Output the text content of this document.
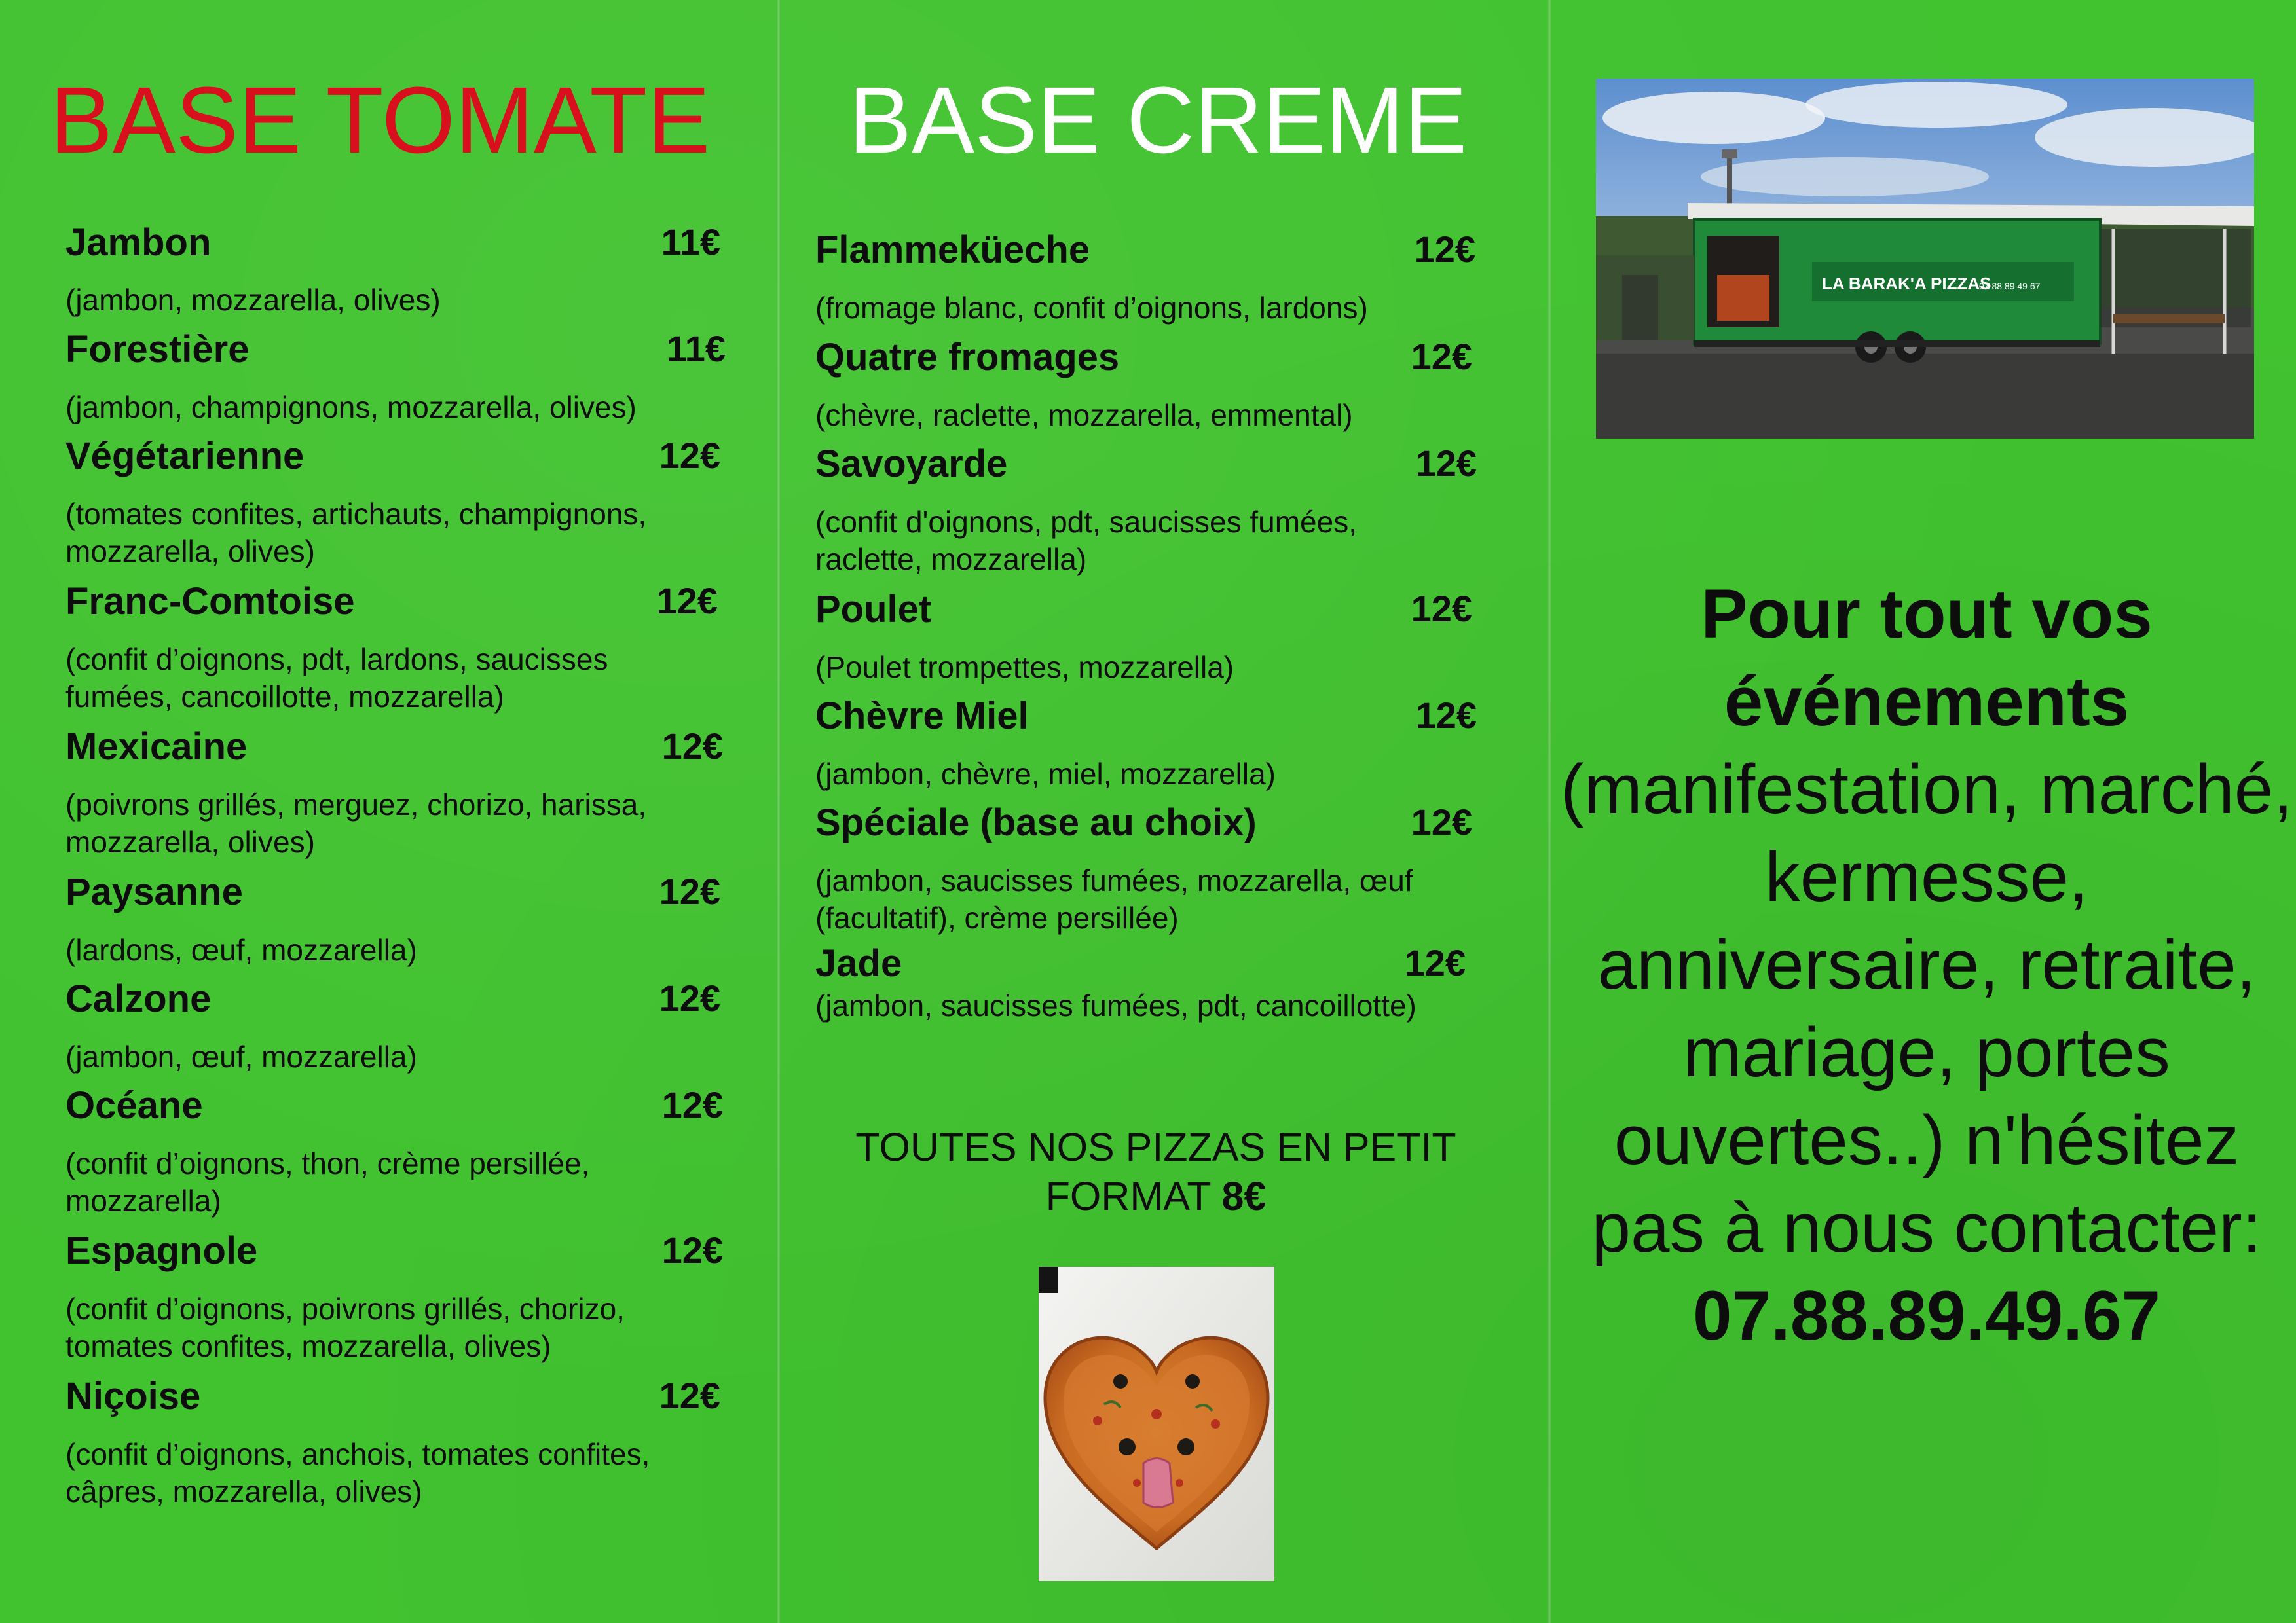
BASE TOMATE
Jambon	11€
(jambon, mozzarella, olives)
Forestière	11€
(jambon, champignons, mozzarella, olives)
Végétarienne	12€
(tomates confites, artichauts, champignons, mozzarella, olives)
Franc-Comtoise	12€
(confit d’oignons, pdt, lardons, saucisses fumées, cancoillotte, mozzarella)
Mexicaine	12€
(poivrons grillés, merguez, chorizo, harissa, mozzarella, olives)
Paysanne	12€
(lardons, œuf, mozzarella)
Calzone	12€
(jambon, œuf, mozzarella)
Océane	12€
(confit d’oignons, thon, crème persillée, mozzarella)
Espagnole	12€
(confit d’oignons, poivrons grillés, chorizo, tomates confites, mozzarella, olives)
Niçoise	12€
(confit d’oignons, anchois, tomates confites, câpres, mozzarella, olives)
BASE CREME
Flammeküeche	12€
(fromage blanc, confit d’oignons, lardons)
Quatre fromages	12€
(chèvre, raclette, mozzarella, emmental)
Savoyarde	12€
(confit d'oignons, pdt, saucisses fumées, raclette, mozzarella)
Poulet	12€
(Poulet trompettes, mozzarella)
Chèvre Miel	12€
(jambon, chèvre, miel, mozzarella)
Spéciale (base au choix)	12€
(jambon, saucisses fumées, mozzarella, œuf (facultatif), crème persillée)
Jade	12€
(jambon, saucisses fumées, pdt, cancoillotte)
TOUTES NOS PIZZAS EN PETIT FORMAT 8€
LA BARAK'A PIZZAS
07 88 89 49 67
Pour tout vos événements (manifestation, marché, kermesse, anniversaire, retraite, mariage, portes ouvertes..) n'hésitez pas à nous contacter:
07.88.89.49.67
